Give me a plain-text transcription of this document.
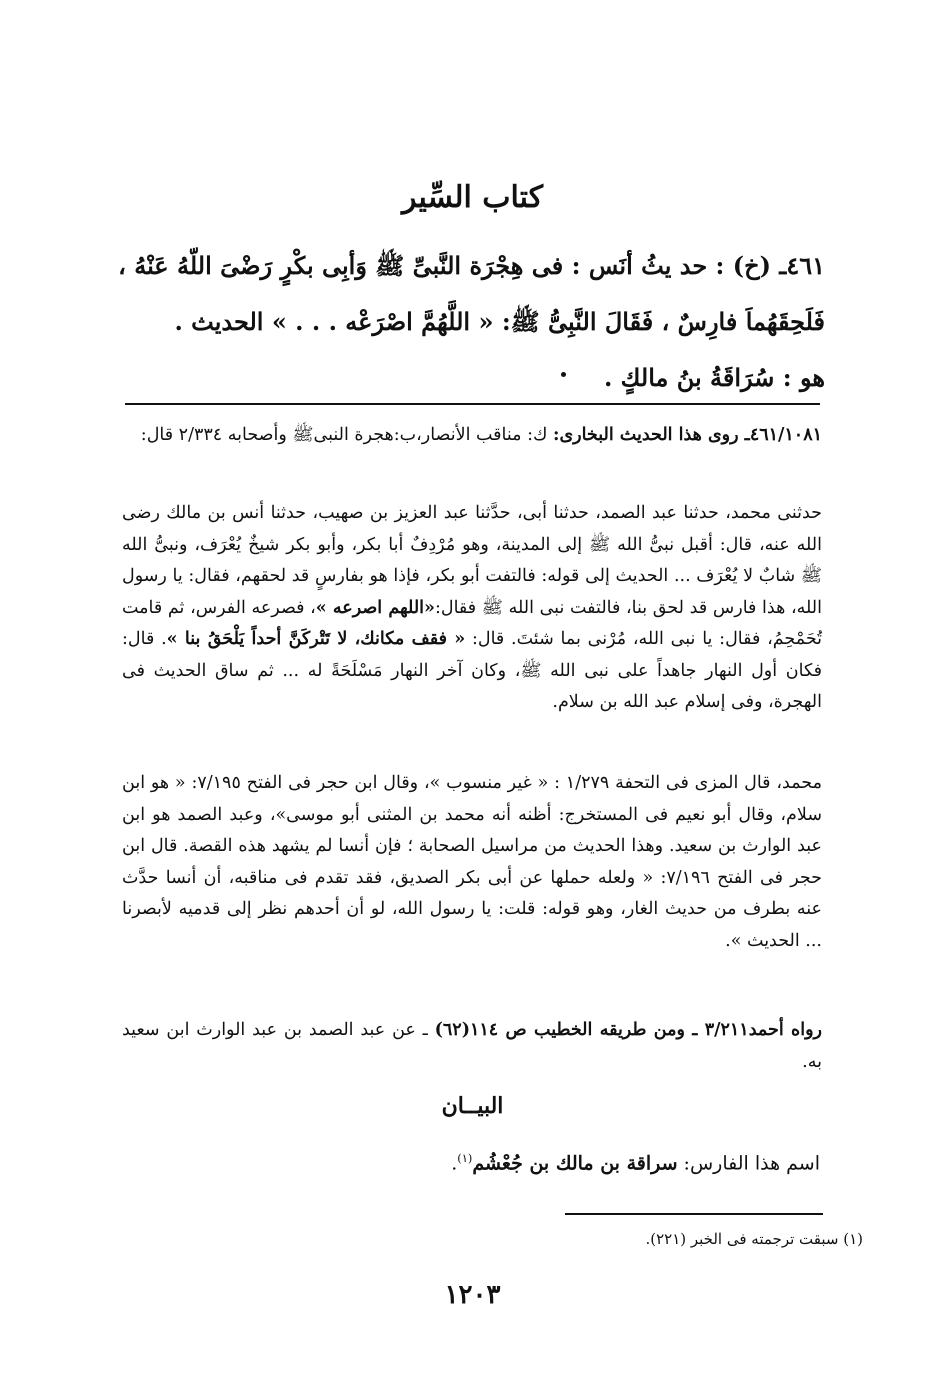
كتاب السِّير
٤٦١ـ (خ) : حد يثُ أنَس : فى هِجْرَة النَّبىِّ ﷺ وَأبِى بكْرٍ رَضْىَ اللّهُ عَنْهُ ،
فَلَحِقَهُماَ فارِسٌ ، فَقَالَ النَّبِىُّ ﷺ: « اللَّهُمَّ اصْرَعْه . . . » الحديث .
هو : سُرَاقَةُ بنُ مالكٍ .

٤٦١/١٠٨١ـ روى هذا الحديث البخارى: ك: مناقب الأنصار،ب:هجرة النبىﷺ وأصحابه ٢/٣٣٤ قال:

حدثنى محمد، حدثنا عبد الصمد، حدثنا أبى، حدَّثنا عبد العزيز بن صهيب، حدثنا أنس بن مالك رضى الله عنه، قال: أقبل نبىُّ الله ﷺ إلى المدينة، وهو مُرْدِفٌ أبا بكر، وأبو بكر شيخٌ يُعْرَف، ونبىُّ الله ﷺ شابٌ لا يُعْرَف ... الحديث إلى قوله: فالتفت أبو بكر، فإذا هو بفارسٍ قد لحقهم، فقال: يا رسول الله، هذا فارس قد لحق بنا، فالتفت نبى الله ﷺ فقال:«اللهم اصرعه »، فصرعه الفرس، ثم قامت تُحَمْحِمُ، فقال: يا نبى الله، مُرْنى بما شئتَ. قال: « فقف مكانك، لا تَتْركَنَّ أحداً يَلْحَقُ بنا ». قال: فكان أول النهار جاهداً على نبى الله ﷺ، وكان آخر النهار مَسْلَحَةً له ... ثم ساق الحديث فى الهجرة، وفى إسلام عبد الله بن سلام.

محمد، قال المزى فى التحفة ١/٢٧٩ : « غير منسوب »، وقال ابن حجر فى الفتح ٧/١٩٥: « هو ابن سلام، وقال أبو نعيم فى المستخرج: أظنه أنه محمد بن المثنى أبو موسى»، وعبد الصمد هو ابن عبد الوارث بن سعيد. وهذا الحديث من مراسيل الصحابة ؛ فإن أنسا لم يشهد هذه القصة. قال ابن حجر فى الفتح ٧/١٩٦: « ولعله حملها عن أبى بكر الصديق، فقد تقدم فى مناقبه، أن أنسا حدَّث عنه بطرف من حديث الغار، وهو قوله: قلت: يا رسول الله، لو أن أحدهم نظر إلى قدميه لأبصرنا ... الحديث ».

رواه أحمد٣/٢١١ ـ ومن طريقه الخطيب ص ١١٤(٦٢) ـ عن عبد الصمد بن عبد الوارث ابن سعيد به.

البيــان
اسم هذا الفارس: سراقة بن مالك بن جُعْشُم$^{(١)}$.
(١) سبقت ترجمته فى الخبر (٢٢١).
١٢٠٣
